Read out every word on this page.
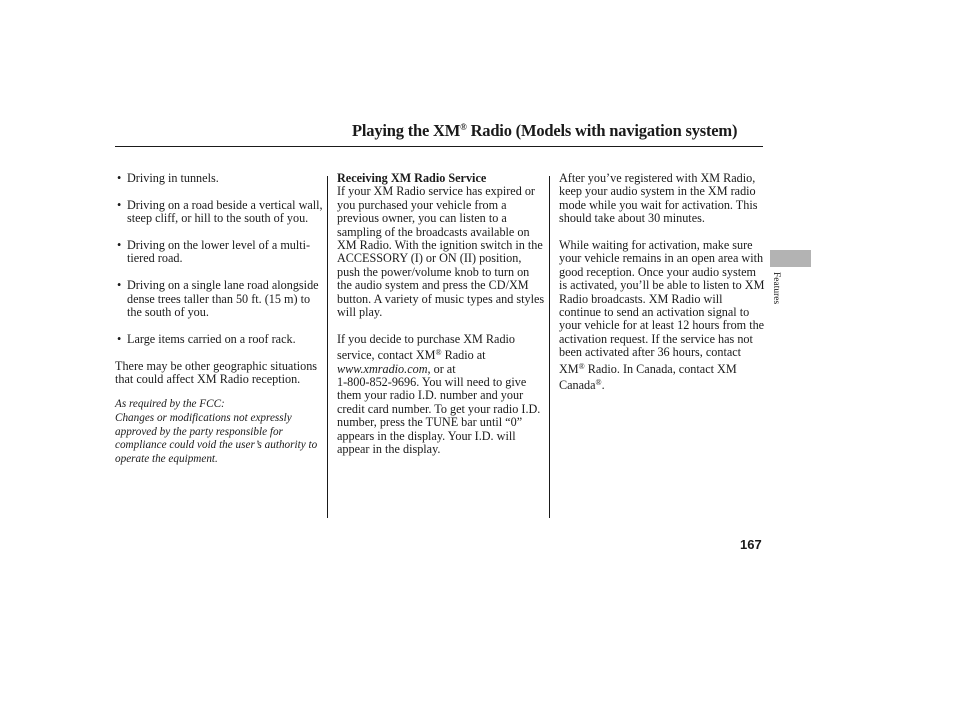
Playing the XM® Radio (Models with navigation system)

• Driving in tunnels.

• Driving on a road beside a vertical wall, steep cliff, or hill to the south of you.

• Driving on the lower level of a multi-tiered road.

• Driving on a single lane road alongside dense trees taller than 50 ft. (15 m) to the south of you.

• Large items carried on a roof rack.

There may be other geographic situations that could affect XM Radio reception.

As required by the FCC:
Changes or modifications not expressly approved by the party responsible for compliance could void the user’s authority to operate the equipment.

Receiving XM Radio Service

If your XM Radio service has expired or you purchased your vehicle from a previous owner, you can listen to a sampling of the broadcasts available on XM Radio. With the ignition switch in the ACCESSORY (I) or ON (II) position, push the power/volume knob to turn on the audio system and press the CD/XM button. A variety of music types and styles will play.

If you decide to purchase XM Radio service, contact XM® Radio at
www.xmradio.com, or at
1-800-852-9696. You will need to give them your radio I.D. number and your credit card number. To get your radio I.D. number, press the TUNE bar until “0” appears in the display. Your I.D. will appear in the display.

After you’ve registered with XM Radio, keep your audio system in the XM radio mode while you wait for activation. This should take about 30 minutes.

While waiting for activation, make sure your vehicle remains in an open area with good reception. Once your audio system is activated, you’ll be able to listen to XM Radio broadcasts. XM Radio will continue to send an activation signal to your vehicle for at least 12 hours from the activation request. If the service has not been activated after 36 hours, contact XM® Radio. In Canada, contact XM Canada®.

Features
167
